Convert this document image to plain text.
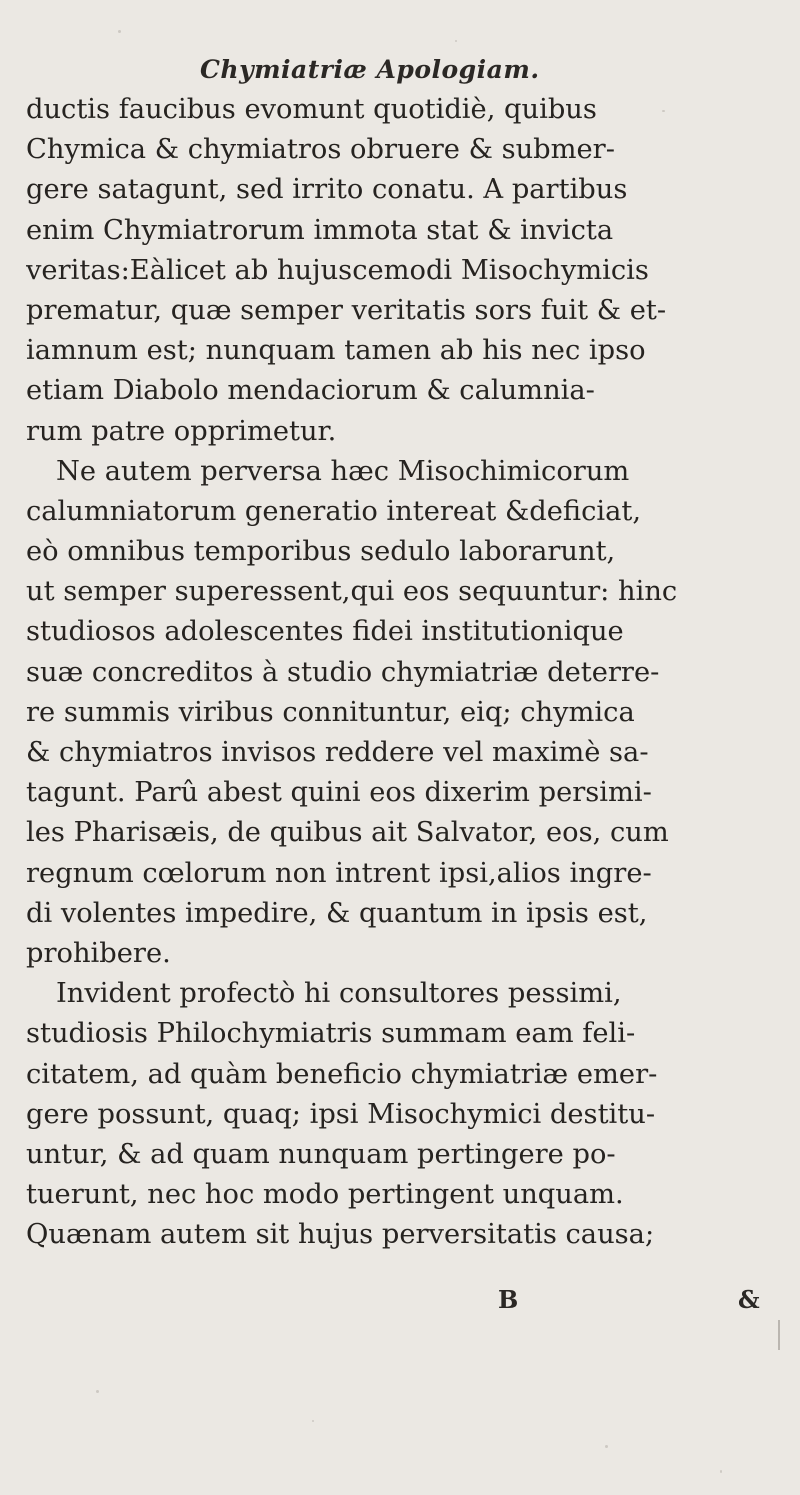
Chymiatriæ Apologiam.
ductis faucibus evomunt quotidiè, quibus
Chymica & chymiatros obruere & submer-
gere satagunt, sed irrito conatu. A partibus
enim Chymiatrorum immota stat & invicta
veritas:Eàlicet ab hujuscemodi Misochymicis
prematur, quæ semper veritatis sors fuit & et-
iamnum est; nunquam tamen ab his nec ipso
etiam Diabolo mendaciorum & calumnia-
rum patre opprimetur.
Ne autem perversa hæc Misochimicorum
calumniatorum generatio intereat &deficiat,
eò omnibus temporibus sedulo laborarunt,
ut semper superessent,qui eos sequuntur: hinc
studiosos adolescentes fidei institutionique
suæ concreditos à studio chymiatriæ deterre-
re summis viribus connituntur, eiq; chymica
& chymiatros invisos reddere vel maximè sa-
tagunt. Parû abest quini eos dixerim persimi-
les Pharisæis, de quibus ait Salvator, eos, cum
regnum cœlorum non intrent ipsi,alios ingre-
di volentes impedire, & quantum in ipsis est,
prohibere.
Invident profectò hi consultores pessimi,
studiosis Philochymiatris summam eam feli-
citatem, ad quàm beneficio chymiatriæ emer-
gere possunt, quaq; ipsi Misochymici destitu-
untur, & ad quam nunquam pertingere po-
tuerunt, nec hoc modo pertingent unquam.
Quænam autem sit hujus perversitatis causa;
B	&
